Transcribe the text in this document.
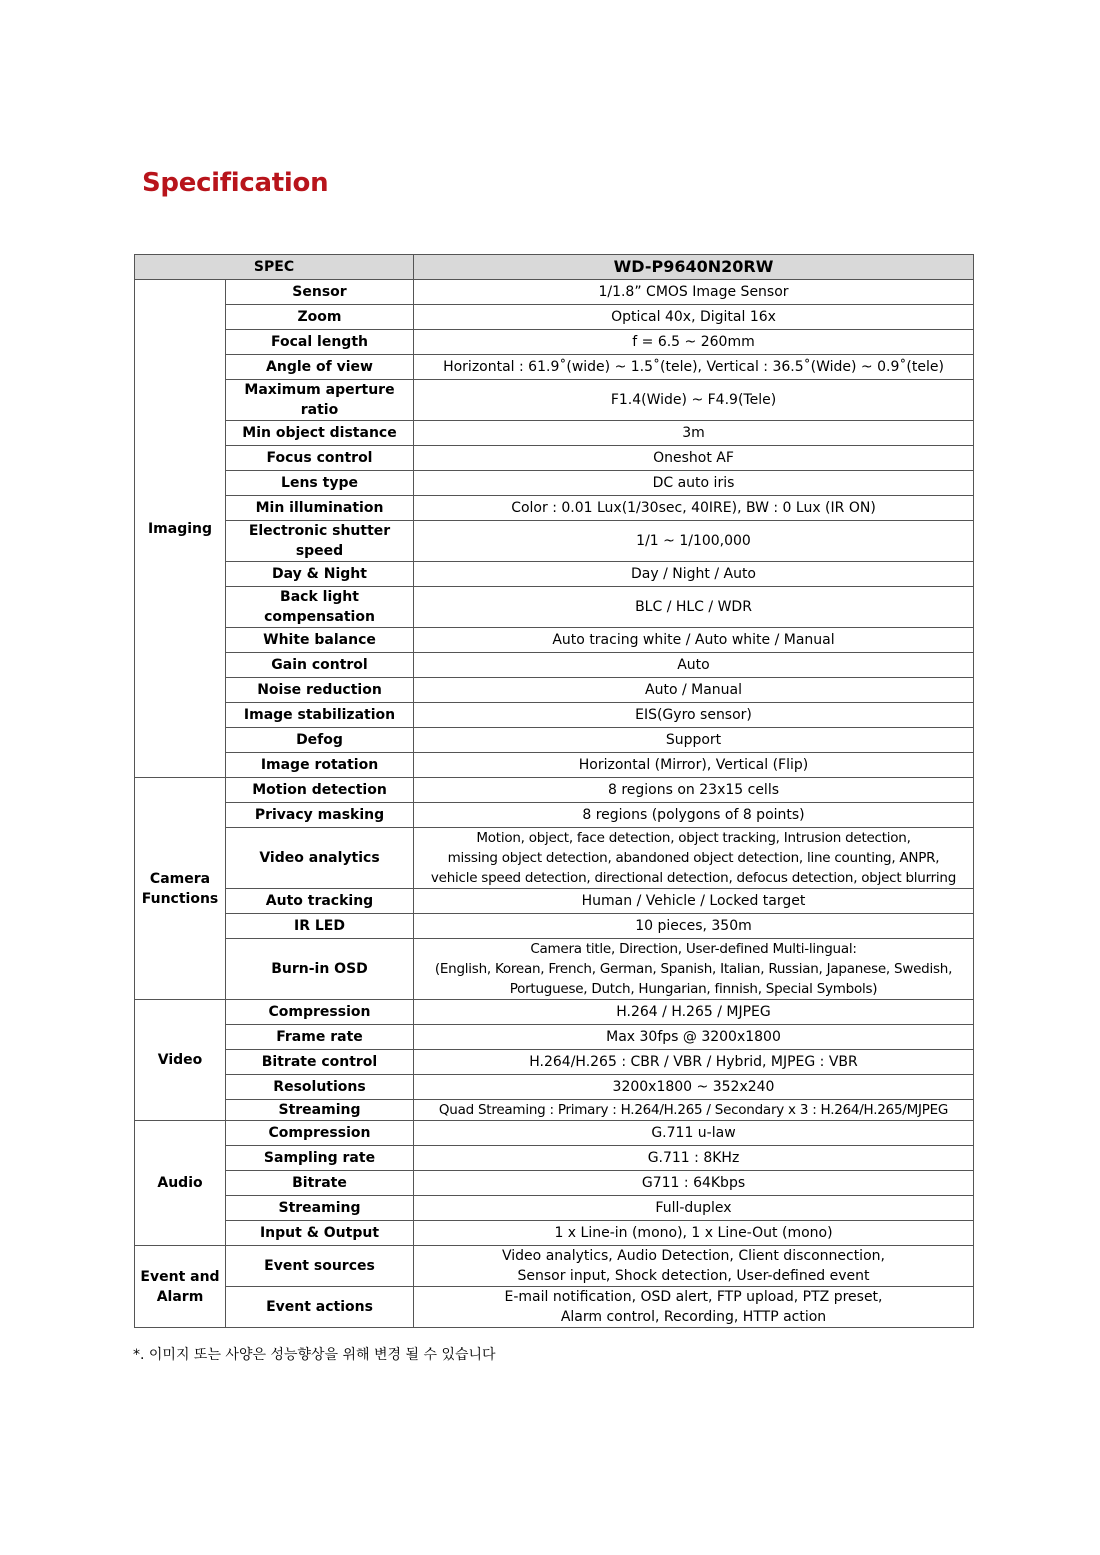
Specification
SPEC		WD-P9640N20RW
Imaging	Sensor	1/1.8” CMOS Image Sensor
	Zoom	Optical 40x, Digital 16x
	Focal length	f = 6.5 ~ 260mm
	Angle of view	Horizontal : 61.9˚(wide) ~ 1.5˚(tele), Vertical : 36.5˚(Wide) ~ 0.9˚(tele)
	Maximum aperture ratio	F1.4(Wide) ~ F4.9(Tele)
	Min object distance	3m
	Focus control	Oneshot AF
	Lens type	DC auto iris
	Min illumination	Color : 0.01 Lux(1/30sec, 40IRE), BW : 0 Lux (IR ON)
	Electronic shutter speed	1/1 ~ 1/100,000
	Day & Night	Day / Night / Auto
	Back light compensation	BLC / HLC / WDR
	White balance	Auto tracing white / Auto white / Manual
	Gain control	Auto
	Noise reduction	Auto / Manual
	Image stabilization	EIS(Gyro sensor)
	Defog	Support
	Image rotation	Horizontal (Mirror), Vertical (Flip)
Camera
Functions	Motion detection	8 regions on 23x15 cells
	Privacy masking	8 regions (polygons of 8 points)
	Video analytics	Motion, object, face detection, object tracking, Intrusion detection,
missing object detection, abandoned object detection, line counting, ANPR,
vehicle speed detection, directional detection, defocus detection, object blurring
	Auto tracking	Human / Vehicle / Locked target
	IR LED	10 pieces, 350m
	Burn-in OSD	Camera title, Direction, User-defined Multi-lingual:
(English, Korean, French, German, Spanish, Italian, Russian, Japanese, Swedish,
Portuguese, Dutch, Hungarian, finnish, Special Symbols)
Video	Compression	H.264 / H.265 / MJPEG
	Frame rate	Max 30fps @ 3200x1800
	Bitrate control	H.264/H.265 : CBR / VBR / Hybrid, MJPEG : VBR
	Resolutions	3200x1800 ~ 352x240
	Streaming	Quad Streaming : Primary : H.264/H.265 / Secondary x 3 : H.264/H.265/MJPEG
Audio	Compression	G.711 u-law
	Sampling rate	G.711 : 8KHz
	Bitrate	G711 : 64Kbps
	Streaming	Full-duplex
	Input & Output	1 x Line-in (mono), 1 x Line-Out (mono)
Event and
Alarm	Event sources	Video analytics, Audio Detection, Client disconnection,
Sensor input, Shock detection, User-defined event
	Event actions	E-mail notification, OSD alert, FTP upload, PTZ preset,
Alarm control, Recording, HTTP action

*. 이미지 또는 사양은 성능향상을 위해 변경 될 수 있습니다
